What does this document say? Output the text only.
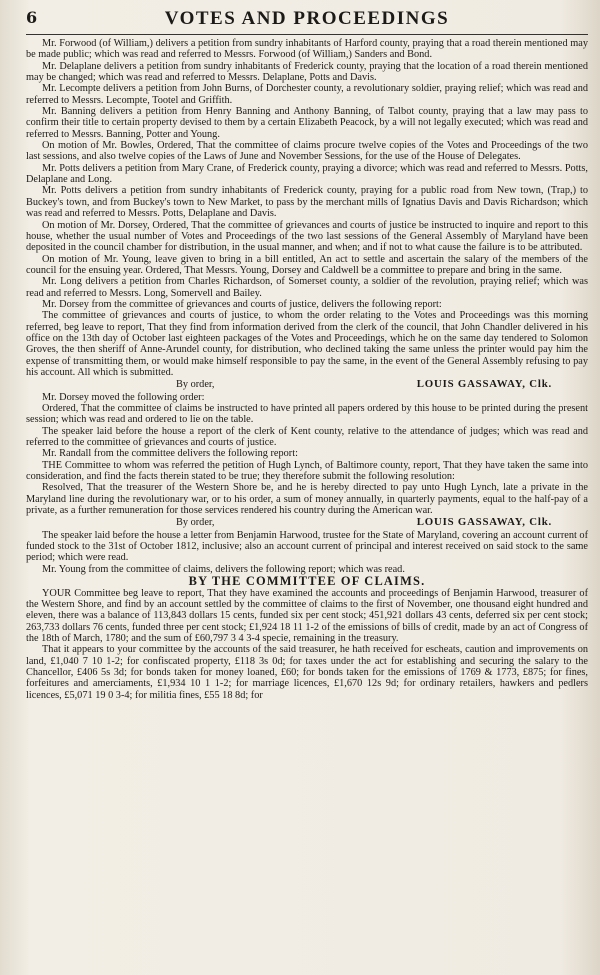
6	VOTES AND PROCEEDINGS

Mr. Forwood (of William,) delivers a petition from sundry inhabitants of Harford county, praying that a road therein mentioned may be made public; which was read and referred to Messrs. Forwood (of William,) Sanders and Bond.

Mr. Delaplane delivers a petition from sundry inhabitants of Frederick county, praying that the location of a road therein mentioned may be changed; which was read and referred to Messrs. Delaplane, Potts and Davis.

Mr. Lecompte delivers a petition from John Burns, of Dorchester county, a revolutionary soldier, praying relief; which was read and referred to Messrs. Lecompte, Tootel and Griffith.

Mr. Banning delivers a petition from Henry Banning and Anthony Banning, of Talbot county, praying that a law may pass to confirm their title to certain property devised to them by a certain Elizabeth Peacock, by a will not legally executed; which was read and referred to Messrs. Banning, Potter and Young.

On motion of Mr. Bowles, Ordered, That the committee of claims procure twelve copies of the Votes and Proceedings of the two last sessions, and also twelve copies of the Laws of June and November Sessions, for the use of the House of Delegates.

Mr. Potts delivers a petition from Mary Crane, of Frederick county, praying a divorce; which was read and referred to Messrs. Potts, Delaplane and Long.

Mr. Potts delivers a petition from sundry inhabitants of Frederick county, praying for a public road from New town, (Trap,) to Buckey's town, and from Buckey's town to New Market, to pass by the merchant mills of Ignatius Davis and Davis Richardson; which was read and referred to Messrs. Potts, Delaplane and Davis.

On motion of Mr. Dorsey, Ordered, That the committee of grievances and courts of justice be instructed to inquire and report to this house, whether the usual number of Votes and Proceedings of the two last sessions of the General Assembly of Maryland have been deposited in the council chamber for distribution, in the usual manner, and when; and if not to what cause the failure is to be attributed.

On motion of Mr. Young, leave given to bring in a bill entitled, An act to settle and ascertain the salary of the members of the council for the ensuing year. Ordered, That Messrs. Young, Dorsey and Caldwell be a committee to prepare and bring in the same.

Mr. Long delivers a petition from Charles Richardson, of Somerset county, a soldier of the revolution, praying relief; which was read and referred to Messrs. Long, Somervell and Bailey.

Mr. Dorsey from the committee of grievances and courts of justice, delivers the following report:

The committee of grievances and courts of justice, to whom the order relating to the Votes and Proceedings was this morning referred, beg leave to report, That they find from information derived from the clerk of the council, that John Chandler delivered in his office on the 13th day of October last eighteen packages of the Votes and Proceedings, which he on the same day tendered to Solomon Groves, the then sheriff of Anne-Arundel county, for distribution, who declined taking the same unless the printer would pay him the expense of transmitting them, or would make himself responsible to pay the same, in the event of the General Assembly refusing to pay his account. All which is submitted.

By order,	LOUIS GASSAWAY, Clk.

Mr. Dorsey moved the following order:

Ordered, That the committee of claims be instructed to have printed all papers ordered by this house to be printed during the present session; which was read and ordered to lie on the table.

The speaker laid before the house a report of the clerk of Kent county, relative to the attendance of judges; which was read and referred to the committee of grievances and courts of justice.

Mr. Randall from the committee delivers the following report:

THE Committee to whom was referred the petition of Hugh Lynch, of Baltimore county, report, That they have taken the same into consideration, and find the facts therein stated to be true; they therefore submit the following resolution:

Resolved, That the treasurer of the Western Shore be, and he is hereby directed to pay unto Hugh Lynch, late a private in the Maryland line during the revolutionary war, or to his order, a sum of money annually, in quarterly payments, equal to the half-pay of a private, as a further remuneration for those services rendered his country during the American war.

By order,	LOUIS GASSAWAY, Clk.

The speaker laid before the house a letter from Benjamin Harwood, trustee for the State of Maryland, covering an account current of funded stock to the 31st of October 1812, inclusive; also an account current of principal and interest received on said stock to the same period; which were read.

Mr. Young from the committee of claims, delivers the following report; which was read.

BY THE COMMITTEE OF CLAIMS.

YOUR Committee beg leave to report, That they have examined the accounts and proceedings of Benjamin Harwood, treasurer of the Western Shore, and find by an account settled by the committee of claims to the first of November, one thousand eight hundred and eleven, there was a balance of 113,843 dollars 15 cents, funded six per cent stock; 451,921 dollars 43 cents, deferred six per cent stock; 263,733 dollars 76 cents, funded three per cent stock; £1,924 18 11 1-2 of the emissions of bills of credit, made by an act of Congress of the 18th of March, 1780; and the sum of £60,797 3 4 3-4 specie, remaining in the treasury.

That it appears to your committee by the accounts of the said treasurer, he hath received for escheats, caution and improvements on land, £1,040 7 10 1-2; for confiscated property, £118 3s 0d; for taxes under the act for establishing and securing the salary to the Chancellor, £406 5s 3d; for bonds taken for money loaned, £60; for bonds taken for the emissions of 1769 & 1773, £875; for fines, forfeitures and amerciaments, £1,934 10 1 1-2; for marriage licences, £1,670 12s 9d; for ordinary retailers, hawkers and pedlers licences, £5,071 19 0 3-4; for militia fines, £55 18 8d; for
